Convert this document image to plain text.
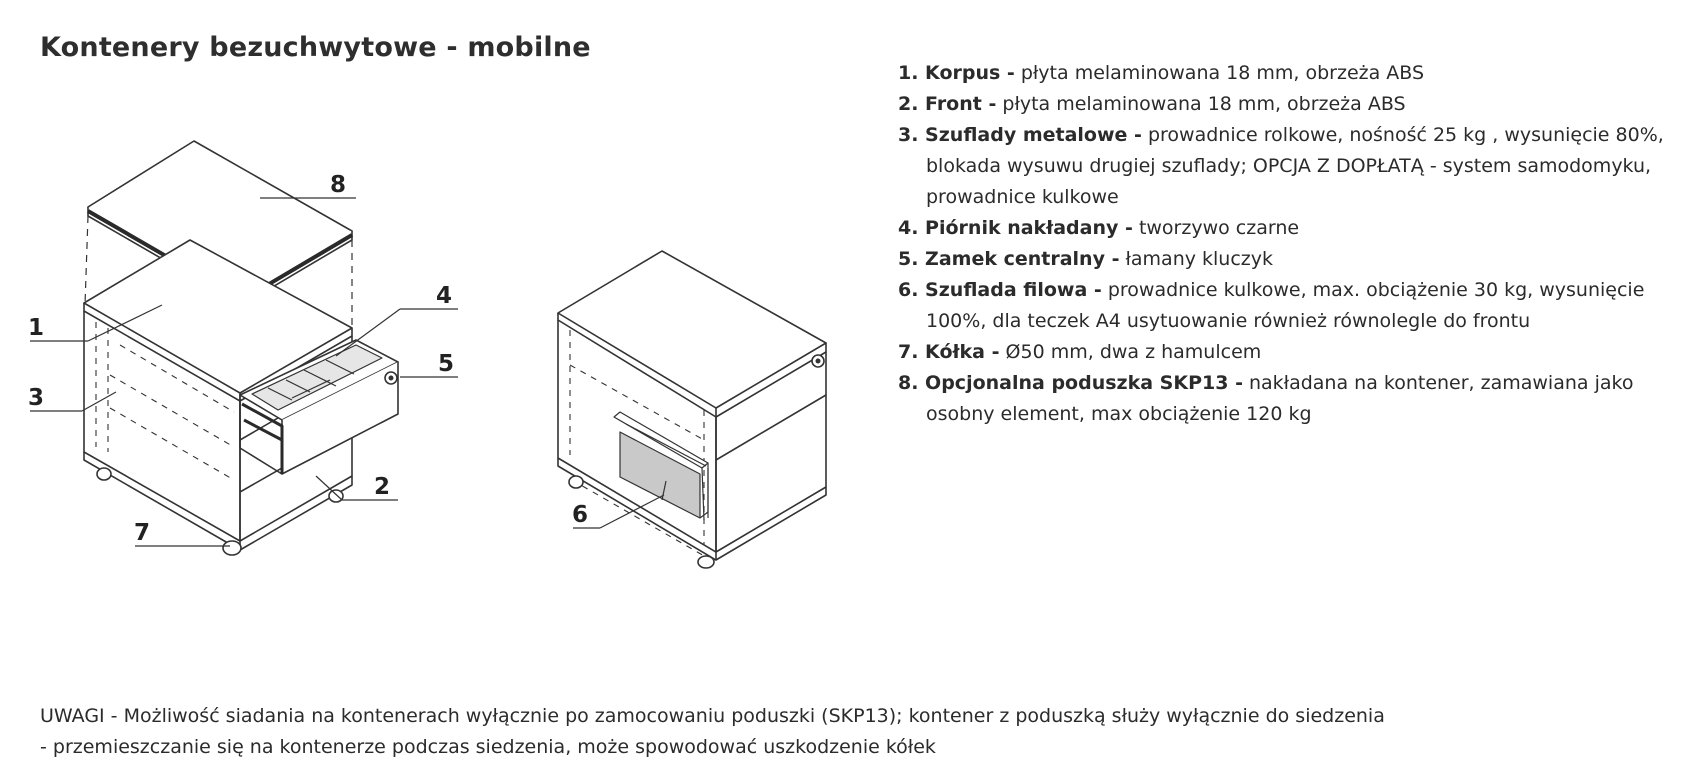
Kontenery bezuchwytowe - mobilne
8
1
3
7
2
4
5
6
1. Korpus - płyta melaminowana 18 mm, obrzeża ABS
2. Front - płyta melaminowana 18 mm, obrzeża ABS
3. Szuflady metalowe - prowadnice rolkowe, nośność 25 kg , wysunięcie 80%, blokada wysuwu drugiej szuflady; OPCJA Z DOPŁATĄ - system samodomyku, prowadnice kulkowe
4. Piórnik nakładany - tworzywo czarne
5. Zamek centralny - łamany kluczyk
6. Szuflada filowa - prowadnice kulkowe, max. obciążenie 30 kg, wysunięcie 100%, dla teczek A4 usytuowanie również równolegle do frontu
7. Kółka - Ø50 mm, dwa z hamulcem
8. Opcjonalna poduszka SKP13 - nakładana na kontener, zamawiana jako osobny element, max obciążenie 120 kg
UWAGI - Możliwość siadania na kontenerach wyłącznie po zamocowaniu poduszki (SKP13); kontener z poduszką służy wyłącznie do siedzenia
- przemieszczanie się na kontenerze podczas siedzenia, może spowodować uszkodzenie kółek
